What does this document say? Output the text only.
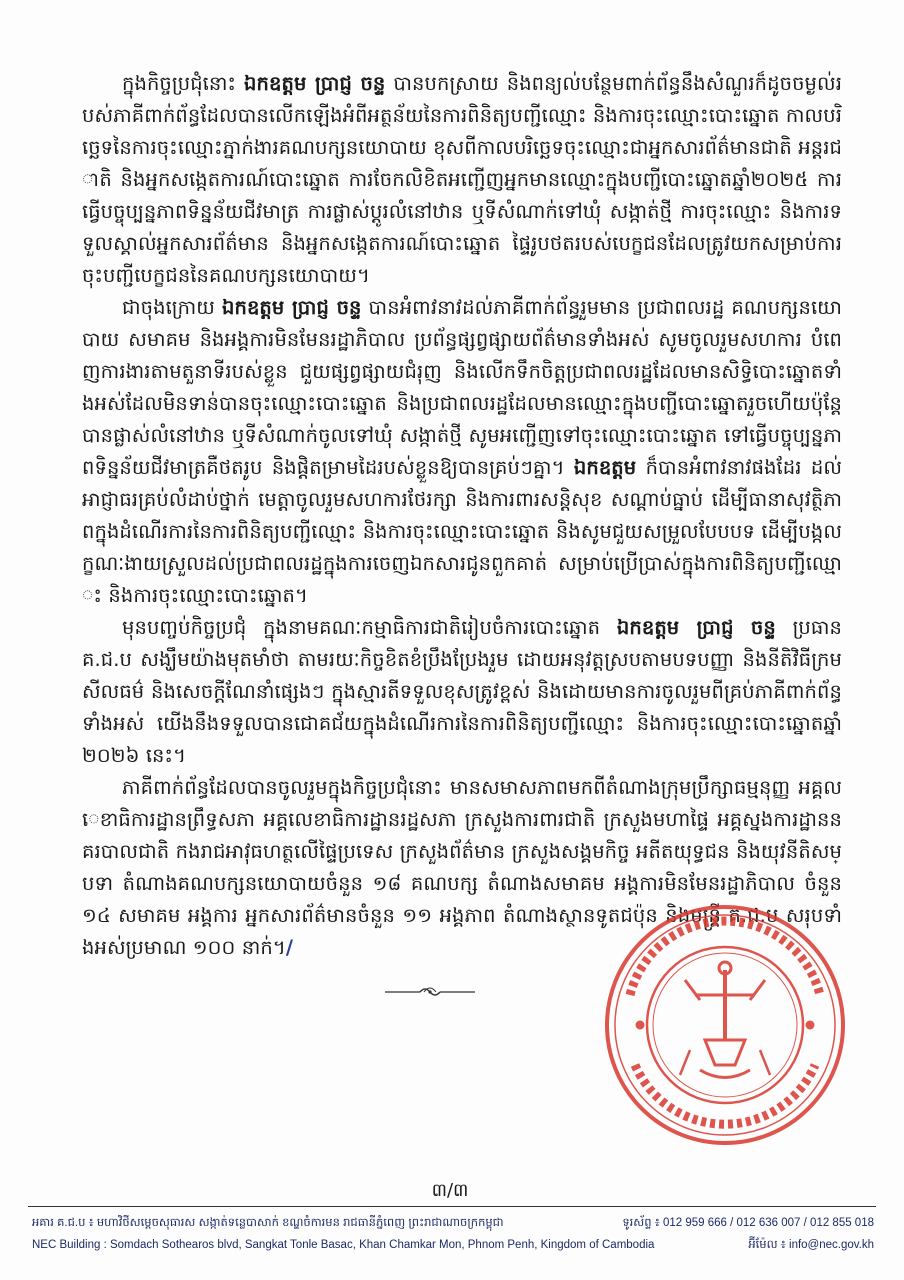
ក្នុងកិច្ចប្រជុំនោះ ឯកឧត្តម ប្រាជ្ញ ចន្ទ បានបកស្រាយ និងពន្យល់បន្ថែមពាក់ព័ន្ធនឹងសំណួរក៏ដូចចម្ងល់របស់ភាគីពាក់ព័ន្ធដែលបានលើកឡើងអំពីអត្ថន័យនៃការពិនិត្យបញ្ជីឈ្មោះ និងការចុះឈ្មោះបោះឆ្នោត កាលបរិច្ឆេទនៃការចុះឈ្មោះភ្នាក់ងារគណបក្សនយោបាយ ខុសពីកាលបរិច្ឆេទចុះឈ្មោះជាអ្នកសារព័ត៌មានជាតិ អន្តរជាតិ និងអ្នកសង្កេតការណ៍បោះឆ្នោត ការចែកលិខិតអញ្ជើញអ្នកមានឈ្មោះក្នុងបញ្ជីបោះឆ្នោតឆ្នាំ២០២៥ ការធ្វើបច្ចុប្បន្នភាពទិន្នន័យជីវមាត្រ ការផ្លាស់ប្តូរលំនៅឋាន ឬទីសំណាក់ទៅឃុំ សង្កាត់ថ្មី ការចុះឈ្មោះ និងការទទួលស្គាល់អ្នកសារព័ត៌មាន និងអ្នកសង្កេតការណ៍បោះឆ្នោត ផ្ទៃរូបថតរបស់បេក្ខជនដែលត្រូវយកសម្រាប់ការចុះបញ្ជីបេក្ខជននៃគណបក្សនយោបាយ។

ជាចុងក្រោយ ឯកឧត្តម ប្រាជ្ញ ចន្ទ បានអំពាវនាវដល់ភាគីពាក់ព័ន្ធរួមមាន ប្រជាពលរដ្ឋ គណបក្សនយោបាយ សមាគម និងអង្គការមិនមែនរដ្ឋាភិបាល ប្រព័ន្ធផ្សព្វផ្សាយព័ត៌មានទាំងអស់ សូមចូលរួមសហការ បំពេញការងារតាមតួនាទីរបស់ខ្លួន ជួយផ្សព្វផ្សាយជំរុញ និងលើកទឹកចិត្តប្រជាពលរដ្ឋដែលមានសិទ្ធិបោះឆ្នោតទាំងអស់ដែលមិនទាន់បានចុះឈ្មោះបោះឆ្នោត និងប្រជាពលរដ្ឋដែលមានឈ្មោះក្នុងបញ្ជីបោះឆ្នោតរួចហើយប៉ុន្តែបានផ្លាស់លំនៅឋាន ឬទីសំណាក់ចូលទៅឃុំ សង្កាត់ថ្មី សូមអញ្ជើញទៅចុះឈ្មោះបោះឆ្នោត ទៅធ្វើបច្ចុប្បន្នភាពទិន្នន័យជីវមាត្រគឺថតរូប និងផ្តិតម្រាមដៃរបស់ខ្លួនឱ្យបានគ្រប់ៗគ្នា។ ឯកឧត្តម ក៏បានអំពាវនាវផងដែរ ដល់អាជ្ញាធរគ្រប់លំដាប់ថ្នាក់ មេត្តាចូលរួមសហការថែរក្សា និងការពារសន្តិសុខ សណ្តាប់ធ្នាប់ ដើម្បីធានាសុវត្ថិភាពក្នុងដំណើរការនៃការពិនិត្យបញ្ជីឈ្មោះ និងការចុះឈ្មោះបោះឆ្នោត និងសូមជួយសម្រួលបែបបទ ដើម្បីបង្កលក្ខណៈងាយស្រួលដល់ប្រជាពលរដ្ឋក្នុងការចេញឯកសារជូនពួកគាត់ សម្រាប់ប្រើប្រាស់ក្នុងការពិនិត្យបញ្ជីឈ្មោះ និងការចុះឈ្មោះបោះឆ្នោត។

មុនបញ្ចប់កិច្ចប្រជុំ ក្នុងនាមគណៈកម្មាធិការជាតិរៀបចំការបោះឆ្នោត ឯកឧត្តម ប្រាជ្ញ ចន្ទ ប្រធាន គ.ជ.ប សង្ឃឹមយ៉ាងមុតមាំថា តាមរយៈកិច្ចខិតខំប្រឹងប្រែងរួម ដោយអនុវត្តស្របតាមបទបញ្ញា និងនីតិវិធីក្រមសីលធម៌ និងសេចក្តីណែនាំផ្សេងៗ ក្នុងស្មារតីទទួលខុសត្រូវខ្ពស់ និងដោយមានការចូលរួមពីគ្រប់ភាគីពាក់ព័ន្ធទាំងអស់ យើងនឹងទទួលបានជោគជ័យក្នុងដំណើរការនៃការពិនិត្យបញ្ជីឈ្មោះ និងការចុះឈ្មោះបោះឆ្នោតឆ្នាំ២០២៦ នេះ។

ភាគីពាក់ព័ន្ធដែលបានចូលរួមក្នុងកិច្ចប្រជុំនោះ មានសមាសភាពមកពីតំណាងក្រុមប្រឹក្សាធម្មនុញ្ញ អគ្គលេខាធិការដ្ឋានព្រឹទ្ធសភា អគ្គលេខាធិការដ្ឋានរដ្ឋសភា ក្រសួងការពារជាតិ ក្រសួងមហាផ្ទៃ អគ្គស្នងការដ្ឋាននគរបាលជាតិ កងរាជអាវុធហត្ថលើផ្ទៃប្រទេស ក្រសួងព័ត៌មាន ក្រសួងសង្គមកិច្ច អតីតយុទ្ធជន និងយុវនីតិសម្បទា តំណាងគណបក្សនយោបាយចំនួន ១៨ គណបក្ស តំណាងសមាគម អង្គការមិនមែនរដ្ឋាភិបាល ចំនួន ១៤ សមាគម អង្គការ អ្នកសារព័ត៌មានចំនួន ១១ អង្គភាព តំណាងស្ថានទូតជប៉ុន និងមន្ត្រី គ.ជ.ប សរុបទាំងអស់ប្រមាណ ១០០ នាក់។/

៣/៣
អគារ គ.ជ.ប ៖ មហាវិថីសម្ដេចសុធារស សង្កាត់ទន្លេបាសាក់ ខណ្ឌចំការមន រាជធានីភ្នំពេញ ព្រះរាជាណាចក្រកម្ពុជា	ទូរស័ព្ទ ៖ 012 959 666 / 012 636 007 / 012 855 018
NEC Building : Somdach Sothearos blvd, Sangkat Tonle Basac, Khan Chamkar Mon, Phnom Penh, Kingdom of Cambodia	អ៊ីម៉ែល ៖ info@nec.gov.kh
